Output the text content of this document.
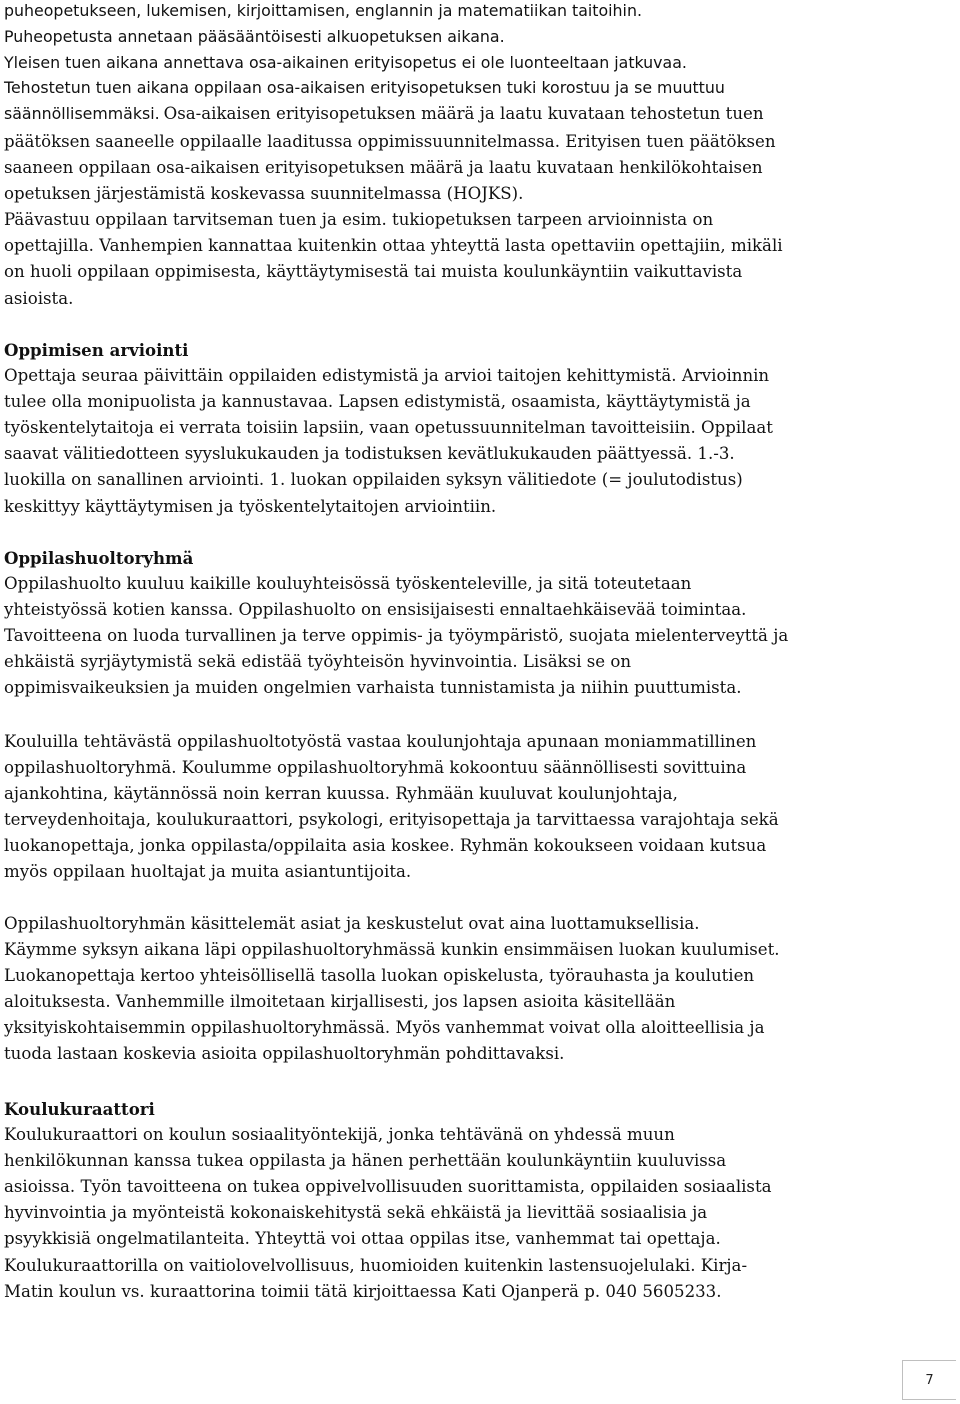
puheopetukseen, lukemisen, kirjoittamisen, englannin ja matematiikan taitoihin.
Puheopetusta annetaan pääsääntöisesti alkuopetuksen aikana.
Yleisen tuen aikana annettava osa-aikainen erityisopetus ei ole luonteeltaan jatkuvaa.
Tehostetun tuen aikana oppilaan osa-aikaisen erityisopetuksen tuki korostuu ja se muuttuu
säännöllisemmäksi. Osa-aikaisen erityisopetuksen määrä ja laatu kuvataan tehostetun tuen
päätöksen saaneelle oppilaalle laaditussa oppimissuunnitelmassa. Erityisen tuen päätöksen
saaneen oppilaan osa-aikaisen erityisopetuksen määrä ja laatu kuvataan henkilökohtaisen
opetuksen järjestämistä koskevassa suunnitelmassa (HOJKS).
Päävastuu oppilaan tarvitseman tuen ja esim. tukiopetuksen tarpeen arvioinnista on
opettajilla. Vanhempien kannattaa kuitenkin ottaa yhteyttä lasta opettaviin opettajiin, mikäli
on huoli oppilaan oppimisesta, käyttäytymisestä tai muista koulunkäyntiin vaikuttavista
asioista.
Oppimisen arviointi
Opettaja seuraa päivittäin oppilaiden edistymistä ja arvioi taitojen kehittymistä. Arvioinnin
tulee olla monipuolista ja kannustavaa. Lapsen edistymistä, osaamista, käyttäytymistä ja
työskentelytaitoja ei verrata toisiin lapsiin, vaan opetussuunnitelman tavoitteisiin. Oppilaat
saavat välitiedotteen syyslukukauden ja todistuksen kevätlukukauden päättyessä. 1.-3.
luokilla on sanallinen arviointi. 1. luokan oppilaiden syksyn välitiedote (= joulutodistus)
keskittyy käyttäytymisen ja työskentelytaitojen arviointiin.
Oppilashuoltoryhmä
Oppilashuolto kuuluu kaikille kouluyhteisössä työskenteleville, ja sitä toteutetaan
yhteistyössä kotien kanssa. Oppilashuolto on ensisijaisesti ennaltaehkäisevää toimintaa.
Tavoitteena on luoda turvallinen ja terve oppimis- ja työympäristö, suojata mielenterveyttä ja
ehkäistä syrjäytymistä sekä edistää työyhteisön hyvinvointia. Lisäksi se on
oppimisvaikeuksien ja muiden ongelmien varhaista tunnistamista ja niihin puuttumista.
Kouluilla tehtävästä oppilashuoltotyöstä vastaa koulunjohtaja apunaan moniammatillinen
oppilashuoltoryhmä. Koulumme oppilashuoltoryhmä kokoontuu säännöllisesti sovittuina
ajankohtina, käytännössä noin kerran kuussa. Ryhmään kuuluvat koulunjohtaja,
terveydenhoitaja, koulukuraattori, psykologi, erityisopettaja ja tarvittaessa varajohtaja sekä
luokanopettaja, jonka oppilasta/oppilaita asia koskee. Ryhmän kokoukseen voidaan kutsua
myös oppilaan huoltajat ja muita asiantuntijoita.
Oppilashuoltoryhmän käsittelemät asiat ja keskustelut ovat aina luottamuksellisia.
Käymme syksyn aikana läpi oppilashuoltoryhmässä kunkin ensimmäisen luokan kuulumiset.
Luokanopettaja kertoo yhteisöllisellä tasolla luokan opiskelusta, työrauhasta ja koulutien
aloituksesta. Vanhemmille ilmoitetaan kirjallisesti, jos lapsen asioita käsitellään
yksityiskohtaisemmin oppilashuoltoryhmässä. Myös vanhemmat voivat olla aloitteellisia ja
tuoda lastaan koskevia asioita oppilashuoltoryhmän pohdittavaksi.
Koulukuraattori
Koulukuraattori on koulun sosiaalityöntekijä, jonka tehtävänä on yhdessä muun
henkilökunnan kanssa tukea oppilasta ja hänen perhettään koulunkäyntiin kuuluvissa
asioissa. Työn tavoitteena on tukea oppivelvollisuuden suorittamista, oppilaiden sosiaalista
hyvinvointia ja myönteistä kokonaiskehitystä sekä ehkäistä ja lievittää sosiaalisia ja
psyykkisiä ongelmatilanteita. Yhteyttä voi ottaa oppilas itse, vanhemmat tai opettaja.
Koulukuraattorilla on vaitiolovelvollisuus, huomioiden kuitenkin lastensuojelulaki. Kirja-
Matin koulun vs. kuraattorina toimii tätä kirjoittaessa Kati Ojanperä p. 040 5605233.
7
